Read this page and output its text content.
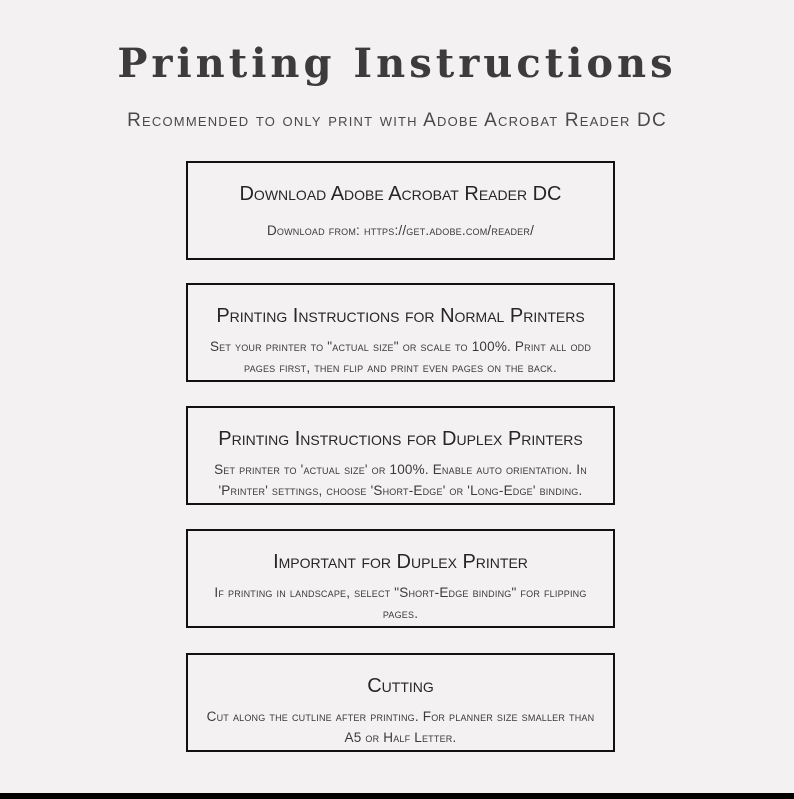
Printing Instructions
Recommended to only print with Adobe Acrobat Reader DC
Download Adobe Acrobat Reader DC
Download from: https://get.adobe.com/reader/
Printing Instructions for Normal Printers
Set your printer to "actual size" or scale to 100%. Print all odd pages first, then flip and print even pages on the back.
Printing Instructions for Duplex Printers
Set printer to 'actual size' or 100%. Enable auto orientation. In 'Printer' settings, choose 'Short-Edge' or 'Long-Edge' binding.
Important for Duplex Printer
If printing in landscape, select "Short-Edge binding" for flipping pages.
Cutting
Cut along the cutline after printing. For planner size smaller than A5 or Half Letter.
